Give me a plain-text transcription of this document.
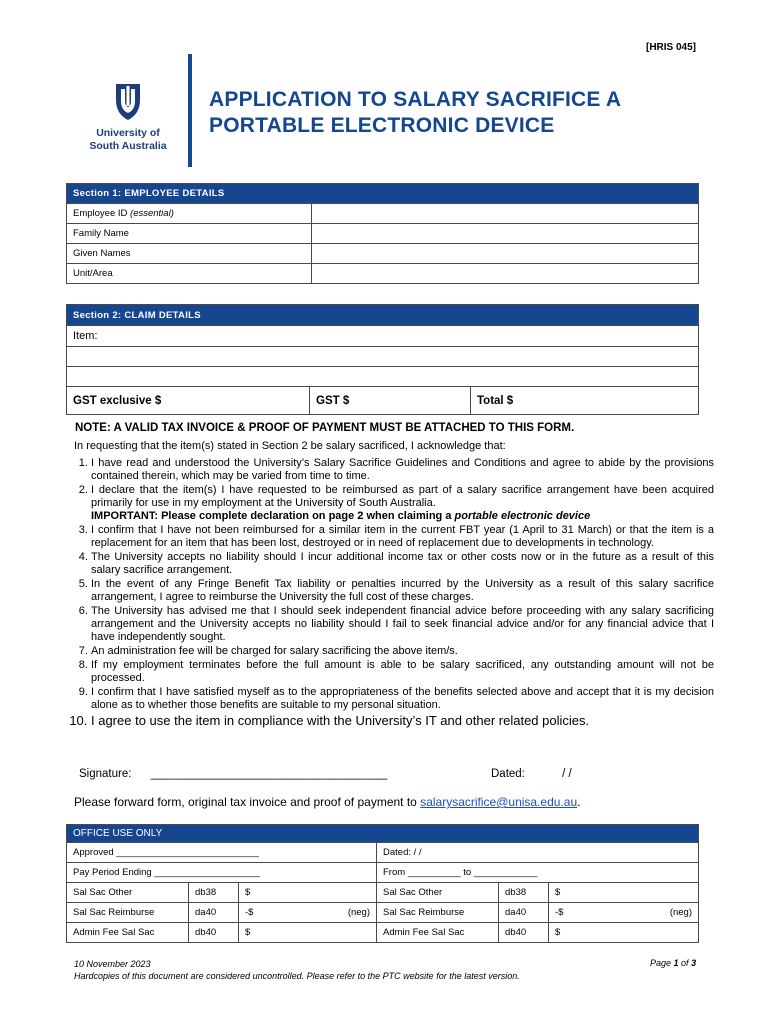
[HRIS 045]
University of
South Australia
APPLICATION TO SALARY SACRIFICE A
PORTABLE ELECTRONIC DEVICE
Section 1: EMPLOYEE DETAILS	
Employee ID (essential)	
Family Name	
Given Names	
Unit/Area	
Section 2: CLAIM DETAILS
Item:

GST exclusive $	GST $	Total $
NOTE: A VALID TAX INVOICE & PROOF OF PAYMENT MUST BE ATTACHED TO THIS FORM.
In requesting that the item(s) stated in Section 2 be salary sacrificed, I acknowledge that:
1. I have read and understood the University’s Salary Sacrifice Guidelines and Conditions and agree to abide by the provisions contained therein, which may be varied from time to time.
2. I declare that the item(s) I have requested to be reimbursed as part of a salary sacrifice arrangement have been acquired primarily for use in my employment at the University of South Australia.
IMPORTANT: Please complete declaration on page 2 when claiming a portable electronic device
3. I confirm that I have not been reimbursed for a similar item in the current FBT year (1 April to 31 March) or that the item is a replacement for an item that has been lost, destroyed or in need of replacement due to developments in technology.
4. The University accepts no liability should I incur additional income tax or other costs now or in the future as a result of this salary sacrifice arrangement.
5. In the event of any Fringe Benefit Tax liability or penalties incurred by the University as a result of this salary sacrifice arrangement, I agree to reimburse the University the full cost of these charges.
6. The University has advised me that I should seek independent financial advice before proceeding with any salary sacrificing arrangement and the University accepts no liability should I fail to seek financial advice and/or for any financial advice that I have independently sought.
7. An administration fee will be charged for salary sacrificing the above item/s.
8. If my employment terminates before the full amount is able to be salary sacrificed, any outstanding amount will not be processed.
9. I confirm that I have satisfied myself as to the appropriateness of the benefits selected above and accept that it is my decision alone as to whether those benefits are suitable to my personal situation.
10. I agree to use the item in compliance with the University’s IT and other related policies.
Signature: _____________________________________	Dated:	/ /
Please forward form, original tax invoice and proof of payment to salarysacrifice@unisa.edu.au.
OFFICE USE ONLY					
Approved ___________________________			Dated: / /		
Pay Period Ending ____________________			From __________ to ____________		
Sal Sac Other	db38	$	Sal Sac Other	db38	$
Sal Sac Reimburse	da40	-$ (neg)	Sal Sac Reimburse	da40	-$ (neg)

Admin Fee Sal Sac	db40	$	Admin Fee Sal Sac	db40	$
10 November 2023
Hardcopies of this document are considered uncontrolled. Please refer to the PTC website for the latest version.
Page 1 of 3
